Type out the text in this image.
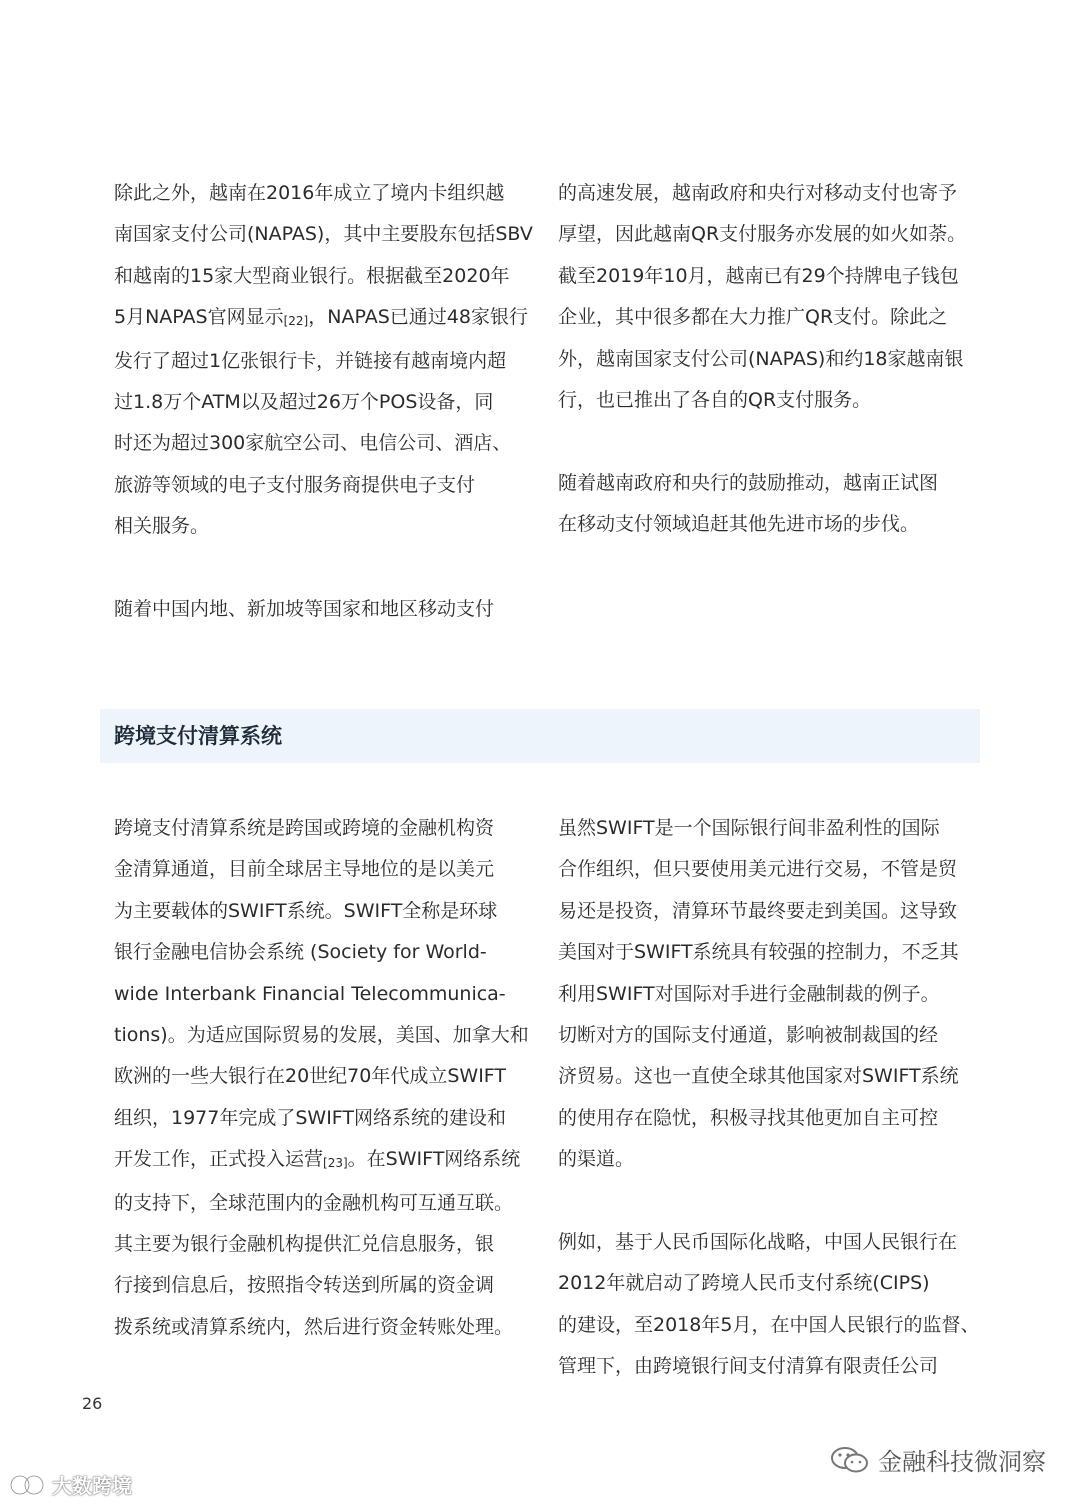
除此之外，越南在2016年成立了境内卡组织越
南国家支付公司(NAPAS)，其中主要股东包括SBV
和越南的15家大型商业银行。根据截至2020年
5月NAPAS官网显示[22]，NAPAS已通过48家银行
发行了超过1亿张银行卡，并链接有越南境内超
过1.8万个ATM以及超过26万个POS设备，同
时还为超过300家航空公司、电信公司、酒店、
旅游等领域的电子支付服务商提供电子支付
相关服务。
随着中国内地、新加坡等国家和地区移动支付
的高速发展，越南政府和央行对移动支付也寄予
厚望，因此越南QR支付服务亦发展的如火如荼。
截至2019年10月，越南已有29个持牌电子钱包
企业，其中很多都在大力推广QR支付。除此之
外，越南国家支付公司(NAPAS)和约18家越南银
行，也已推出了各自的QR支付服务。
随着越南政府和央行的鼓励推动，越南正试图
在移动支付领域追赶其他先进市场的步伐。
跨境支付清算系统
跨境支付清算系统是跨国或跨境的金融机构资
金清算通道，目前全球居主导地位的是以美元
为主要载体的SWIFT系统。SWIFT全称是环球
银行金融电信协会系统 (Society for World-
wide Interbank Financial Telecommunica-
tions)。为适应国际贸易的发展，美国、加拿大和
欧洲的一些大银行在20世纪70年代成立SWIFT
组织，1977年完成了SWIFT网络系统的建设和
开发工作，正式投入运营[23]。在SWIFT网络系统
的支持下，全球范围内的金融机构可互通互联。
其主要为银行金融机构提供汇兑信息服务，银
行接到信息后，按照指令转送到所属的资金调
拨系统或清算系统内，然后进行资金转账处理。
虽然SWIFT是一个国际银行间非盈利性的国际
合作组织，但只要使用美元进行交易，不管是贸
易还是投资，清算环节最终要走到美国。这导致
美国对于SWIFT系统具有较强的控制力，不乏其
利用SWIFT对国际对手进行金融制裁的例子。
切断对方的国际支付通道，影响被制裁国的经
济贸易。这也一直使全球其他国家对SWIFT系统
的使用存在隐忧，积极寻找其他更加自主可控
的渠道。
例如，基于人民币国际化战略，中国人民银行在
2012年就启动了跨境人民币支付系统(CIPS)
的建设，至2018年5月，在中国人民银行的监督、
管理下，由跨境银行间支付清算有限责任公司
26
金融科技微洞察
大数跨境
